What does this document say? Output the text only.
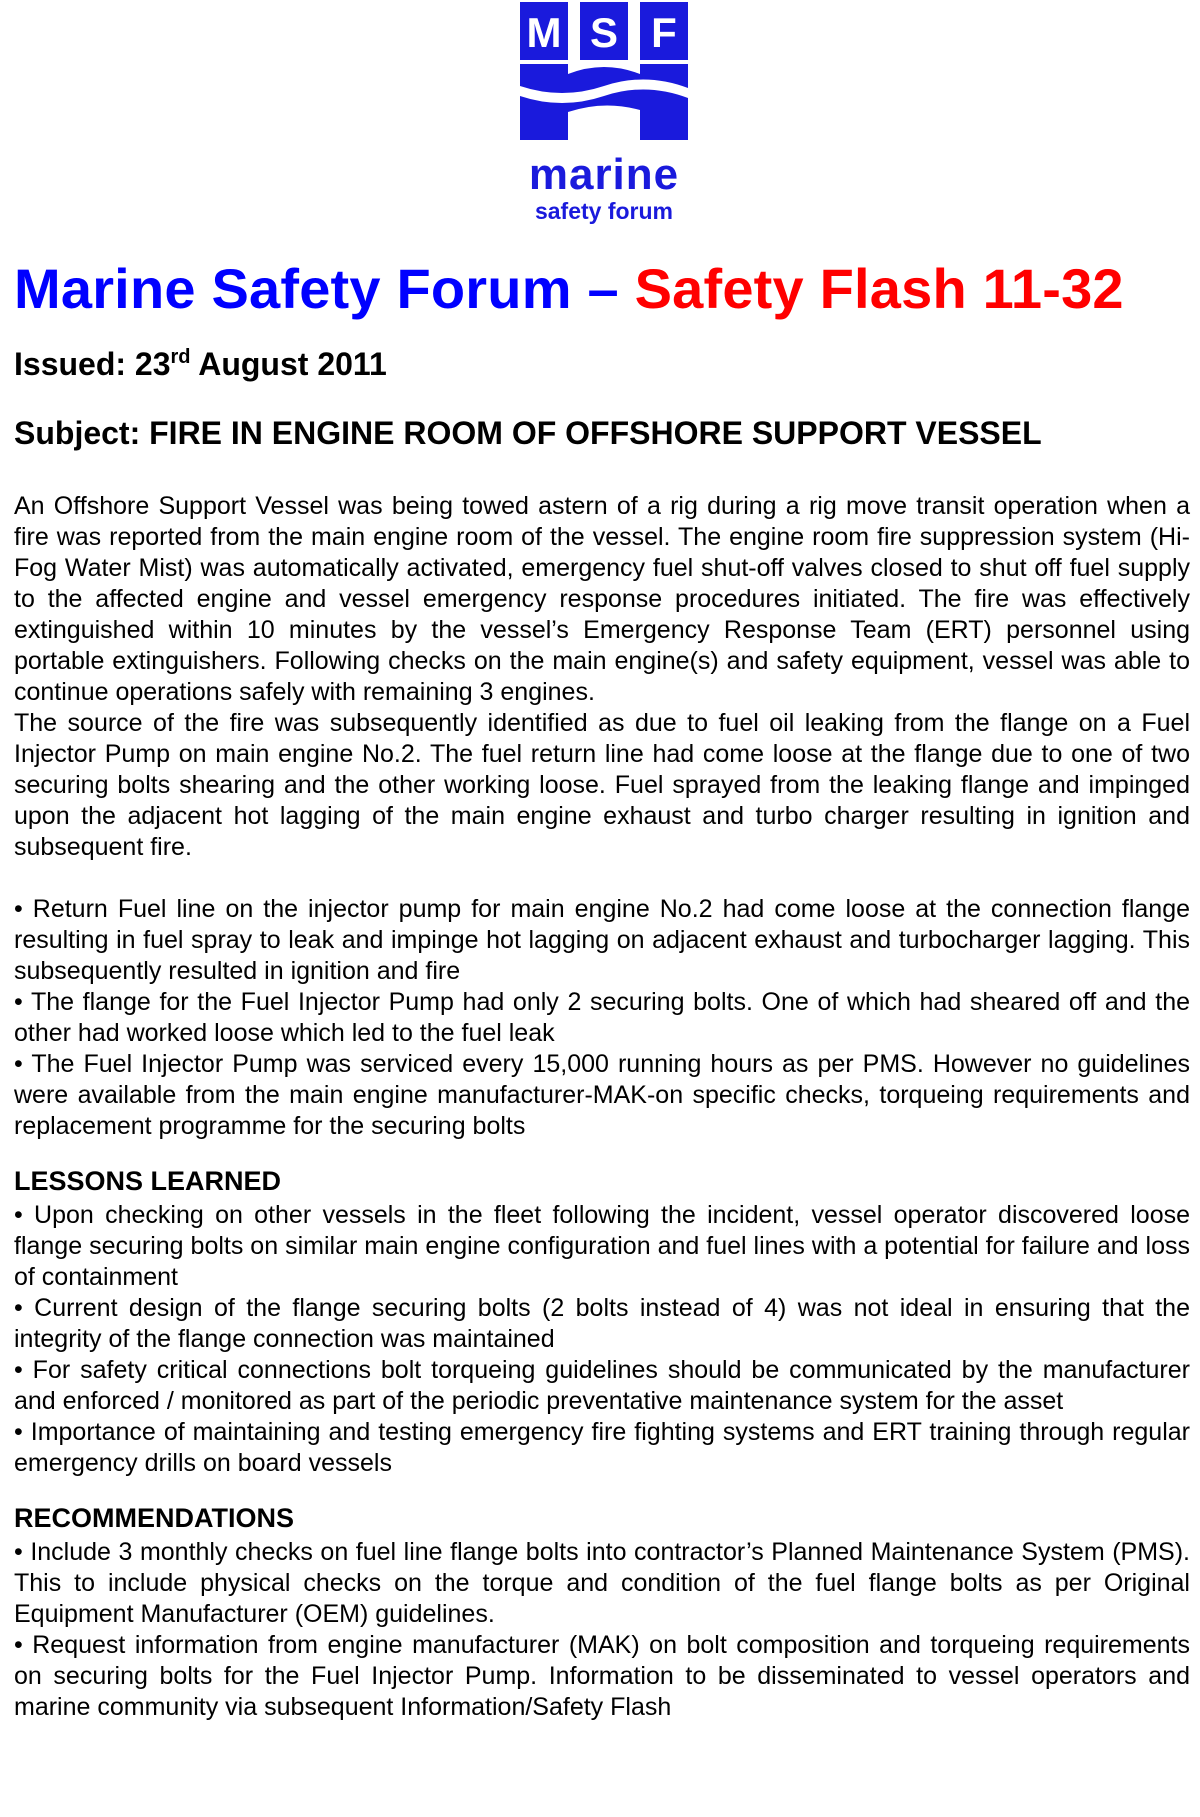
M S F
marine
safety forum
Marine Safety Forum – Safety Flash 11-32
Issued: 23rd August 2011
Subject: FIRE IN ENGINE ROOM OF OFFSHORE SUPPORT VESSEL

An Offshore Support Vessel was being towed astern of a rig during a rig move transit operation when a fire was reported from the main engine room of the vessel. The engine room fire suppression system (Hi-Fog Water Mist) was automatically activated, emergency fuel shut-off valves closed to shut off fuel supply to the affected engine and vessel emergency response procedures initiated. The fire was effectively extinguished within 10 minutes by the vessel’s Emergency Response Team (ERT) personnel using portable extinguishers. Following checks on the main engine(s) and safety equipment, vessel was able to continue operations safely with remaining 3 engines.

The source of the fire was subsequently identified as due to fuel oil leaking from the flange on a Fuel Injector Pump on main engine No.2. The fuel return line had come loose at the flange due to one of two securing bolts shearing and the other working loose. Fuel sprayed from the leaking flange and impinged upon the adjacent hot lagging of the main engine exhaust and turbo charger resulting in ignition and subsequent fire.

• Return Fuel line on the injector pump for main engine No.2 had come loose at the connection flange resulting in fuel spray to leak and impinge hot lagging on adjacent exhaust and turbocharger lagging. This subsequently resulted in ignition and fire

• The flange for the Fuel Injector Pump had only 2 securing bolts. One of which had sheared off and the other had worked loose which led to the fuel leak

• The Fuel Injector Pump was serviced every 15,000 running hours as per PMS. However no guidelines were available from the main engine manufacturer-MAK-on specific checks, torqueing requirements and replacement programme for the securing bolts

LESSONS LEARNED

• Upon checking on other vessels in the fleet following the incident, vessel operator discovered loose flange securing bolts on similar main engine configuration and fuel lines with a potential for failure and loss of containment

• Current design of the flange securing bolts (2 bolts instead of 4) was not ideal in ensuring that the integrity of the flange connection was maintained

• For safety critical connections bolt torqueing guidelines should be communicated by the manufacturer and enforced / monitored as part of the periodic preventative maintenance system for the asset

• Importance of maintaining and testing emergency fire fighting systems and ERT training through regular emergency drills on board vessels

RECOMMENDATIONS

• Include 3 monthly checks on fuel line flange bolts into contractor’s Planned Maintenance System (PMS). This to include physical checks on the torque and condition of the fuel flange bolts as per Original Equipment Manufacturer (OEM) guidelines.

• Request information from engine manufacturer (MAK) on bolt composition and torqueing requirements on securing bolts for the Fuel Injector Pump. Information to be disseminated to vessel operators and marine community via subsequent Information/Safety Flash
